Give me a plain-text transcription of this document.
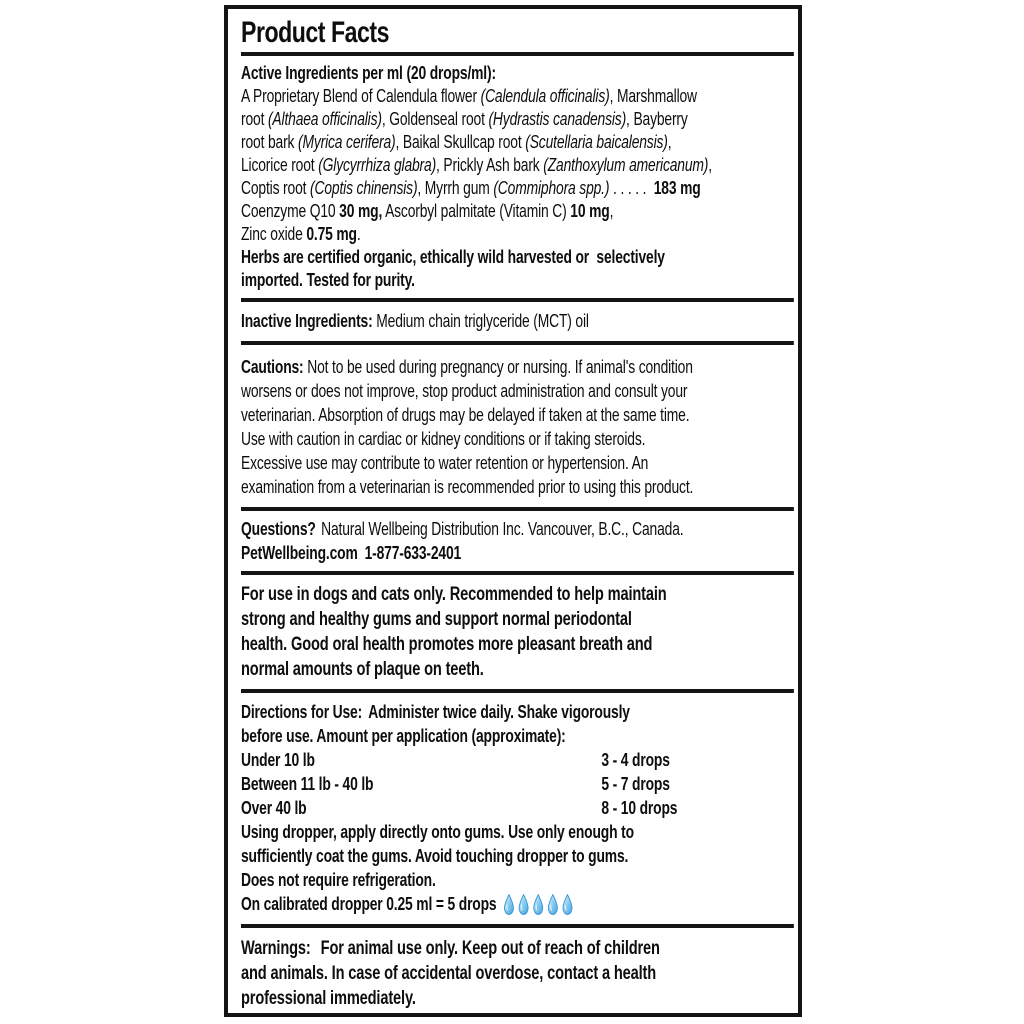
Product Facts
Active Ingredients per ml (20 drops/ml):
A Proprietary Blend of Calendula flower (Calendula officinalis), Marshmallow
root (Althaea officinalis), Goldenseal root (Hydrastis canadensis), Bayberry
root bark (Myrica cerifera), Baikal Skullcap root (Scutellaria baicalensis),
Licorice root (Glycyrrhiza glabra), Prickly Ash bark (Zanthoxylum americanum),
Coptis root (Coptis chinensis), Myrrh gum (Commiphora spp.) . . . . .  183 mg
Coenzyme Q10 30 mg, Ascorbyl palmitate (Vitamin C) 10 mg,
Zinc oxide 0.75 mg.
Herbs are certified organic, ethically wild harvested or  selectively
imported. Tested for purity.
Inactive Ingredients: Medium chain triglyceride (MCT) oil
Cautions: Not to be used during pregnancy or nursing. If animal's condition
worsens or does not improve, stop product administration and consult your
veterinarian. Absorption of drugs may be delayed if taken at the same time.
Use with caution in cardiac or kidney conditions or if taking steroids.
Excessive use may contribute to water retention or hypertension. An
examination from a veterinarian is recommended prior to using this product.
Questions? Natural Wellbeing Distribution Inc. Vancouver, B.C., Canada.
PetWellbeing.com 1-877-633-2401
For use in dogs and cats only. Recommended to help maintain
strong and healthy gums and support normal periodontal
health. Good oral health promotes more pleasant breath and
normal amounts of plaque on teeth.
Directions for Use: Administer twice daily. Shake vigorously
before use. Amount per application (approximate):
Under 10 lb	3 - 4 drops
Between 11 lb - 40 lb	5 - 7 drops
Over 40 lb	8 - 10 drops
Using dropper, apply directly onto gums. Use only enough to
sufficiently coat the gums. Avoid touching dropper to gums.
Does not require refrigeration.
On calibrated dropper 0.25 ml = 5 drops
Warnings: For animal use only. Keep out of reach of children
and animals. In case of accidental overdose, contact a health
professional immediately.
